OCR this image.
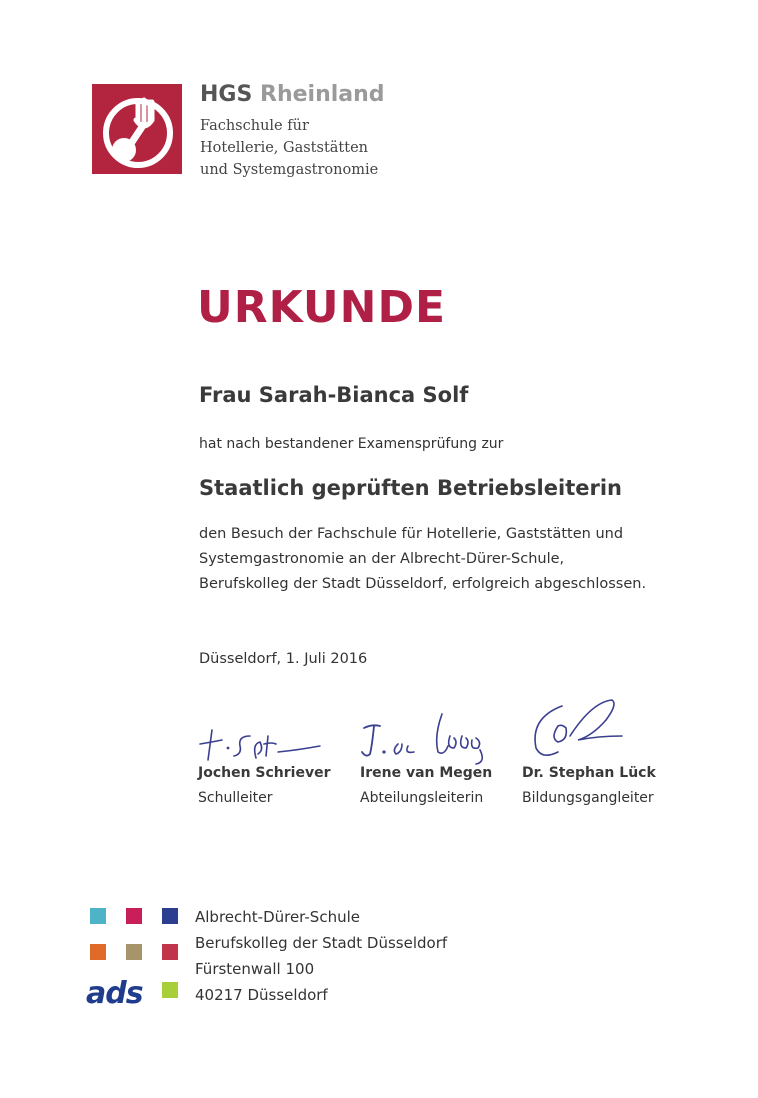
HGS Rheinland
Fachschule für
Hotellerie, Gaststätten
und Systemgastronomie
URKUNDE
Frau Sarah-Bianca Solf
hat nach bestandener Examensprüfung zur
Staatlich geprüften Betriebsleiterin
den Besuch der Fachschule für Hotellerie, Gaststätten und
Systemgastronomie an der Albrecht-Dürer-Schule,
Berufskolleg der Stadt Düsseldorf, erfolgreich abgeschlossen.
Düsseldorf, 1. Juli 2016
Jochen Schriever
Schulleiter
Irene van Megen
Abteilungsleiterin
Dr. Stephan Lück
Bildungsgangleiter
ads
Albrecht-Dürer-Schule
Berufskolleg der Stadt Düsseldorf
Fürstenwall 100
40217 Düsseldorf
